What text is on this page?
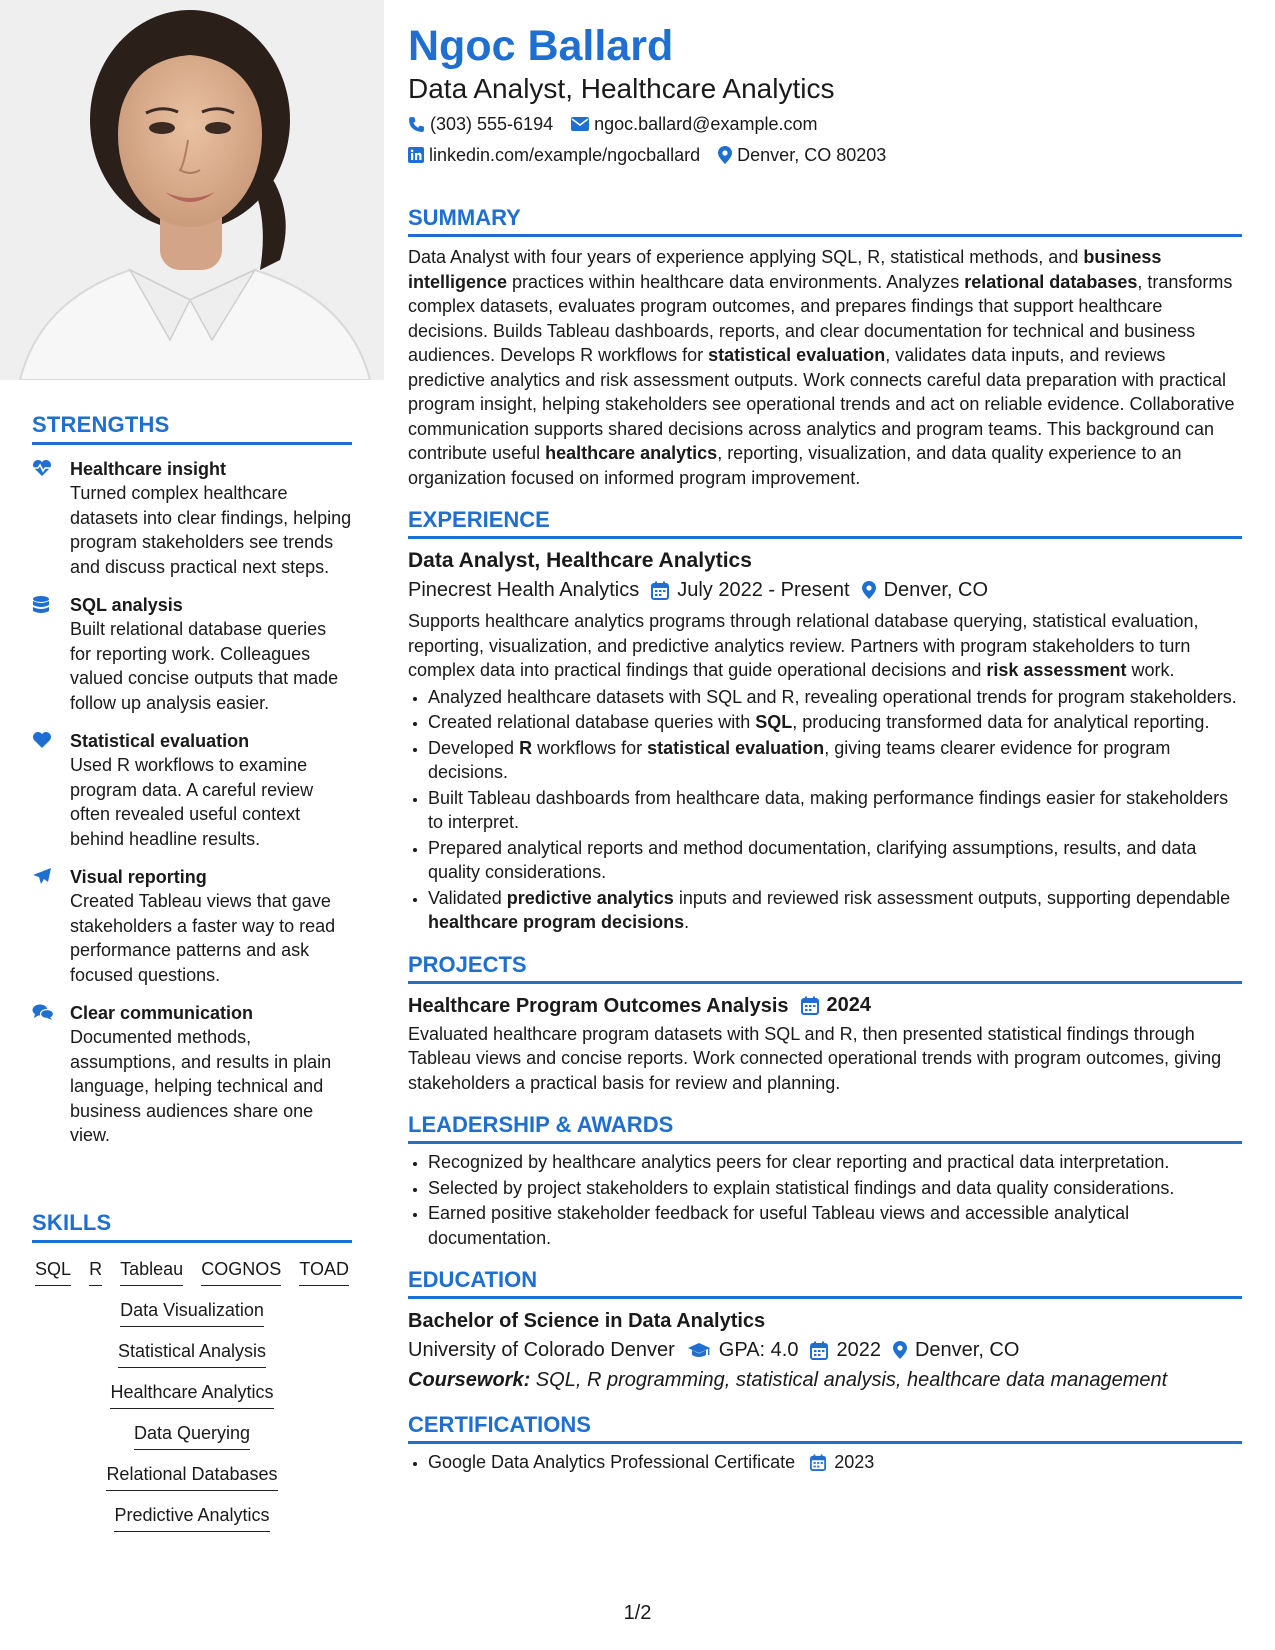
STRENGTHS
Healthcare insight
Turned complex healthcare datasets into clear findings, helping program stakeholders see trends and discuss practical next steps.
SQL analysis
Built relational database queries for reporting work. Colleagues valued concise outputs that made follow up analysis easier.
Statistical evaluation
Used R workflows to examine program data. A careful review often revealed useful context behind headline results.
Visual reporting
Created Tableau views that gave stakeholders a faster way to read performance patterns and ask focused questions.
Clear communication
Documented methods, assumptions, and results in plain language, helping technical and business audiences share one view.
SKILLS
SQL R Tableau COGNOS TOAD
Data Visualization
Statistical Analysis
Healthcare Analytics
Data Querying
Relational Databases
Predictive Analytics
Ngoc Ballard

Data Analyst, Healthcare Analytics

(303) 555-6194 ngoc.ballard@example.com
linkedin.com/example/ngocballard Denver, CO 80203
SUMMARY

Data Analyst with four years of experience applying SQL, R, statistical methods, and business intelligence practices within healthcare data environments. Analyzes relational databases, transforms complex datasets, evaluates program outcomes, and prepares findings that support healthcare decisions. Builds Tableau dashboards, reports, and clear documentation for technical and business audiences. Develops R workflows for statistical evaluation, validates data inputs, and reviews predictive analytics and risk assessment outputs. Work connects careful data preparation with practical program insight, helping stakeholders see operational trends and act on reliable evidence. Collaborative communication supports shared decisions across analytics and program teams. This background can contribute useful healthcare analytics, reporting, visualization, and data quality experience to an organization focused on informed program improvement.

EXPERIENCE
Data Analyst, Healthcare Analytics
Pinecrest Health Analytics July 2022 - Present Denver, CO

Supports healthcare analytics programs through relational database querying, statistical evaluation, reporting, visualization, and predictive analytics review. Partners with program stakeholders to turn complex data into practical findings that guide operational decisions and risk assessment work.

• Analyzed healthcare datasets with SQL and R, revealing operational trends for program stakeholders.
• Created relational database queries with SQL, producing transformed data for analytical reporting.
• Developed R workflows for statistical evaluation, giving teams clearer evidence for program decisions.
• Built Tableau dashboards from healthcare data, making performance findings easier for stakeholders to interpret.
• Prepared analytical reports and method documentation, clarifying assumptions, results, and data quality considerations.
• Validated predictive analytics inputs and reviewed risk assessment outputs, supporting dependable healthcare program decisions.
PROJECTS
Healthcare Program Outcomes Analysis 2024

Evaluated healthcare program datasets with SQL and R, then presented statistical findings through Tableau views and concise reports. Work connected operational trends with program outcomes, giving stakeholders a practical basis for review and planning.

LEADERSHIP & AWARDS
• Recognized by healthcare analytics peers for clear reporting and practical data interpretation.
• Selected by project stakeholders to explain statistical findings and data quality considerations.
• Earned positive stakeholder feedback for useful Tableau views and accessible analytical documentation.
EDUCATION
Bachelor of Science in Data Analytics
University of Colorado Denver GPA: 4.0 2022 Denver, CO
Coursework: SQL, R programming, statistical analysis, healthcare data management
CERTIFICATIONS
• Google Data Analytics Professional Certificate 2023
1/2
